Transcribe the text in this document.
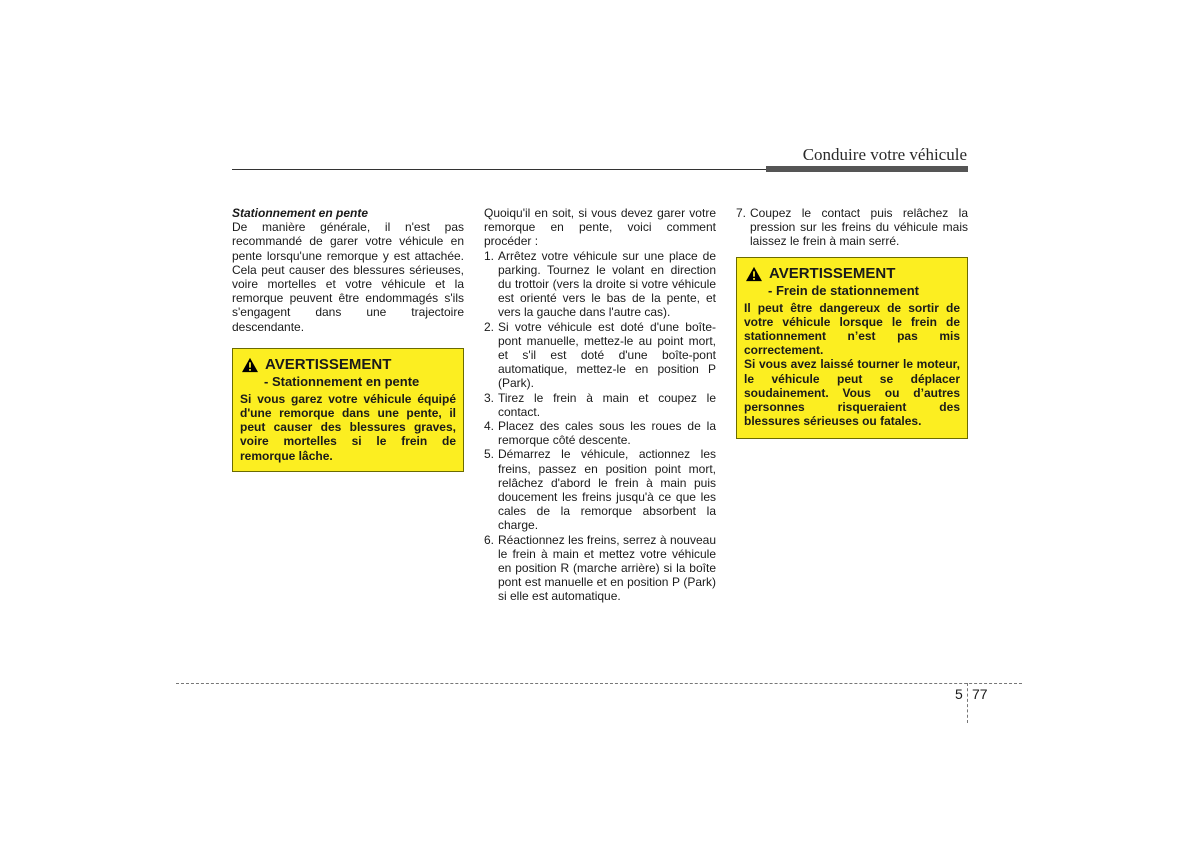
Conduire votre véhicule

Stationnement en pente

De manière générale, il n'est pas recommandé de garer votre véhicule en pente lorsqu'une remorque y est attachée. Cela peut causer des blessures sérieuses, voire mortelles et votre véhicule et la remorque peuvent être endommagés s'ils s'engagent dans une trajectoire descendante.

AVERTISSEMENT
- Stationnement en pente

Si vous garez votre véhicule équipé d'une remorque dans une pente, il peut causer des blessures graves, voire mortelles si le frein de remorque lâche.

Quoiqu'il en soit, si vous devez garer votre remorque en pente, voici comment procéder :

1. Arrêtez votre véhicule sur une place de parking. Tournez le volant en direction du trottoir (vers la droite si votre véhicule est orienté vers le bas de la pente, et vers la gauche dans l'autre cas).
2. Si votre véhicule est doté d'une boîte-pont manuelle, mettez-le au point mort, et s'il est doté d'une boîte-pont automatique, mettez-le en position P (Park).
3. Tirez le frein à main et coupez le contact.
4. Placez des cales sous les roues de la remorque côté descente.
5. Démarrez le véhicule, actionnez les freins, passez en position point mort, relâchez d'abord le frein à main puis doucement les freins jusqu'à ce que les cales de la remorque absorbent la charge.
6. Réactionnez les freins, serrez à nouveau le frein à main et mettez votre véhicule en position R (marche arrière) si la boîte pont est manuelle et en position P (Park) si elle est automatique.
7. Coupez le contact puis relâchez la pression sur les freins du véhicule mais laissez le frein à main serré.
AVERTISSEMENT
- Frein de stationnement

Il peut être dangereux de sortir de votre véhicule lorsque le frein de stationnement n’est pas mis correctement.

Si vous avez laissé tourner le moteur, le véhicule peut se déplacer soudainement. Vous ou d’autres personnes risqueraient des blessures sérieuses ou fatales.

5 77
